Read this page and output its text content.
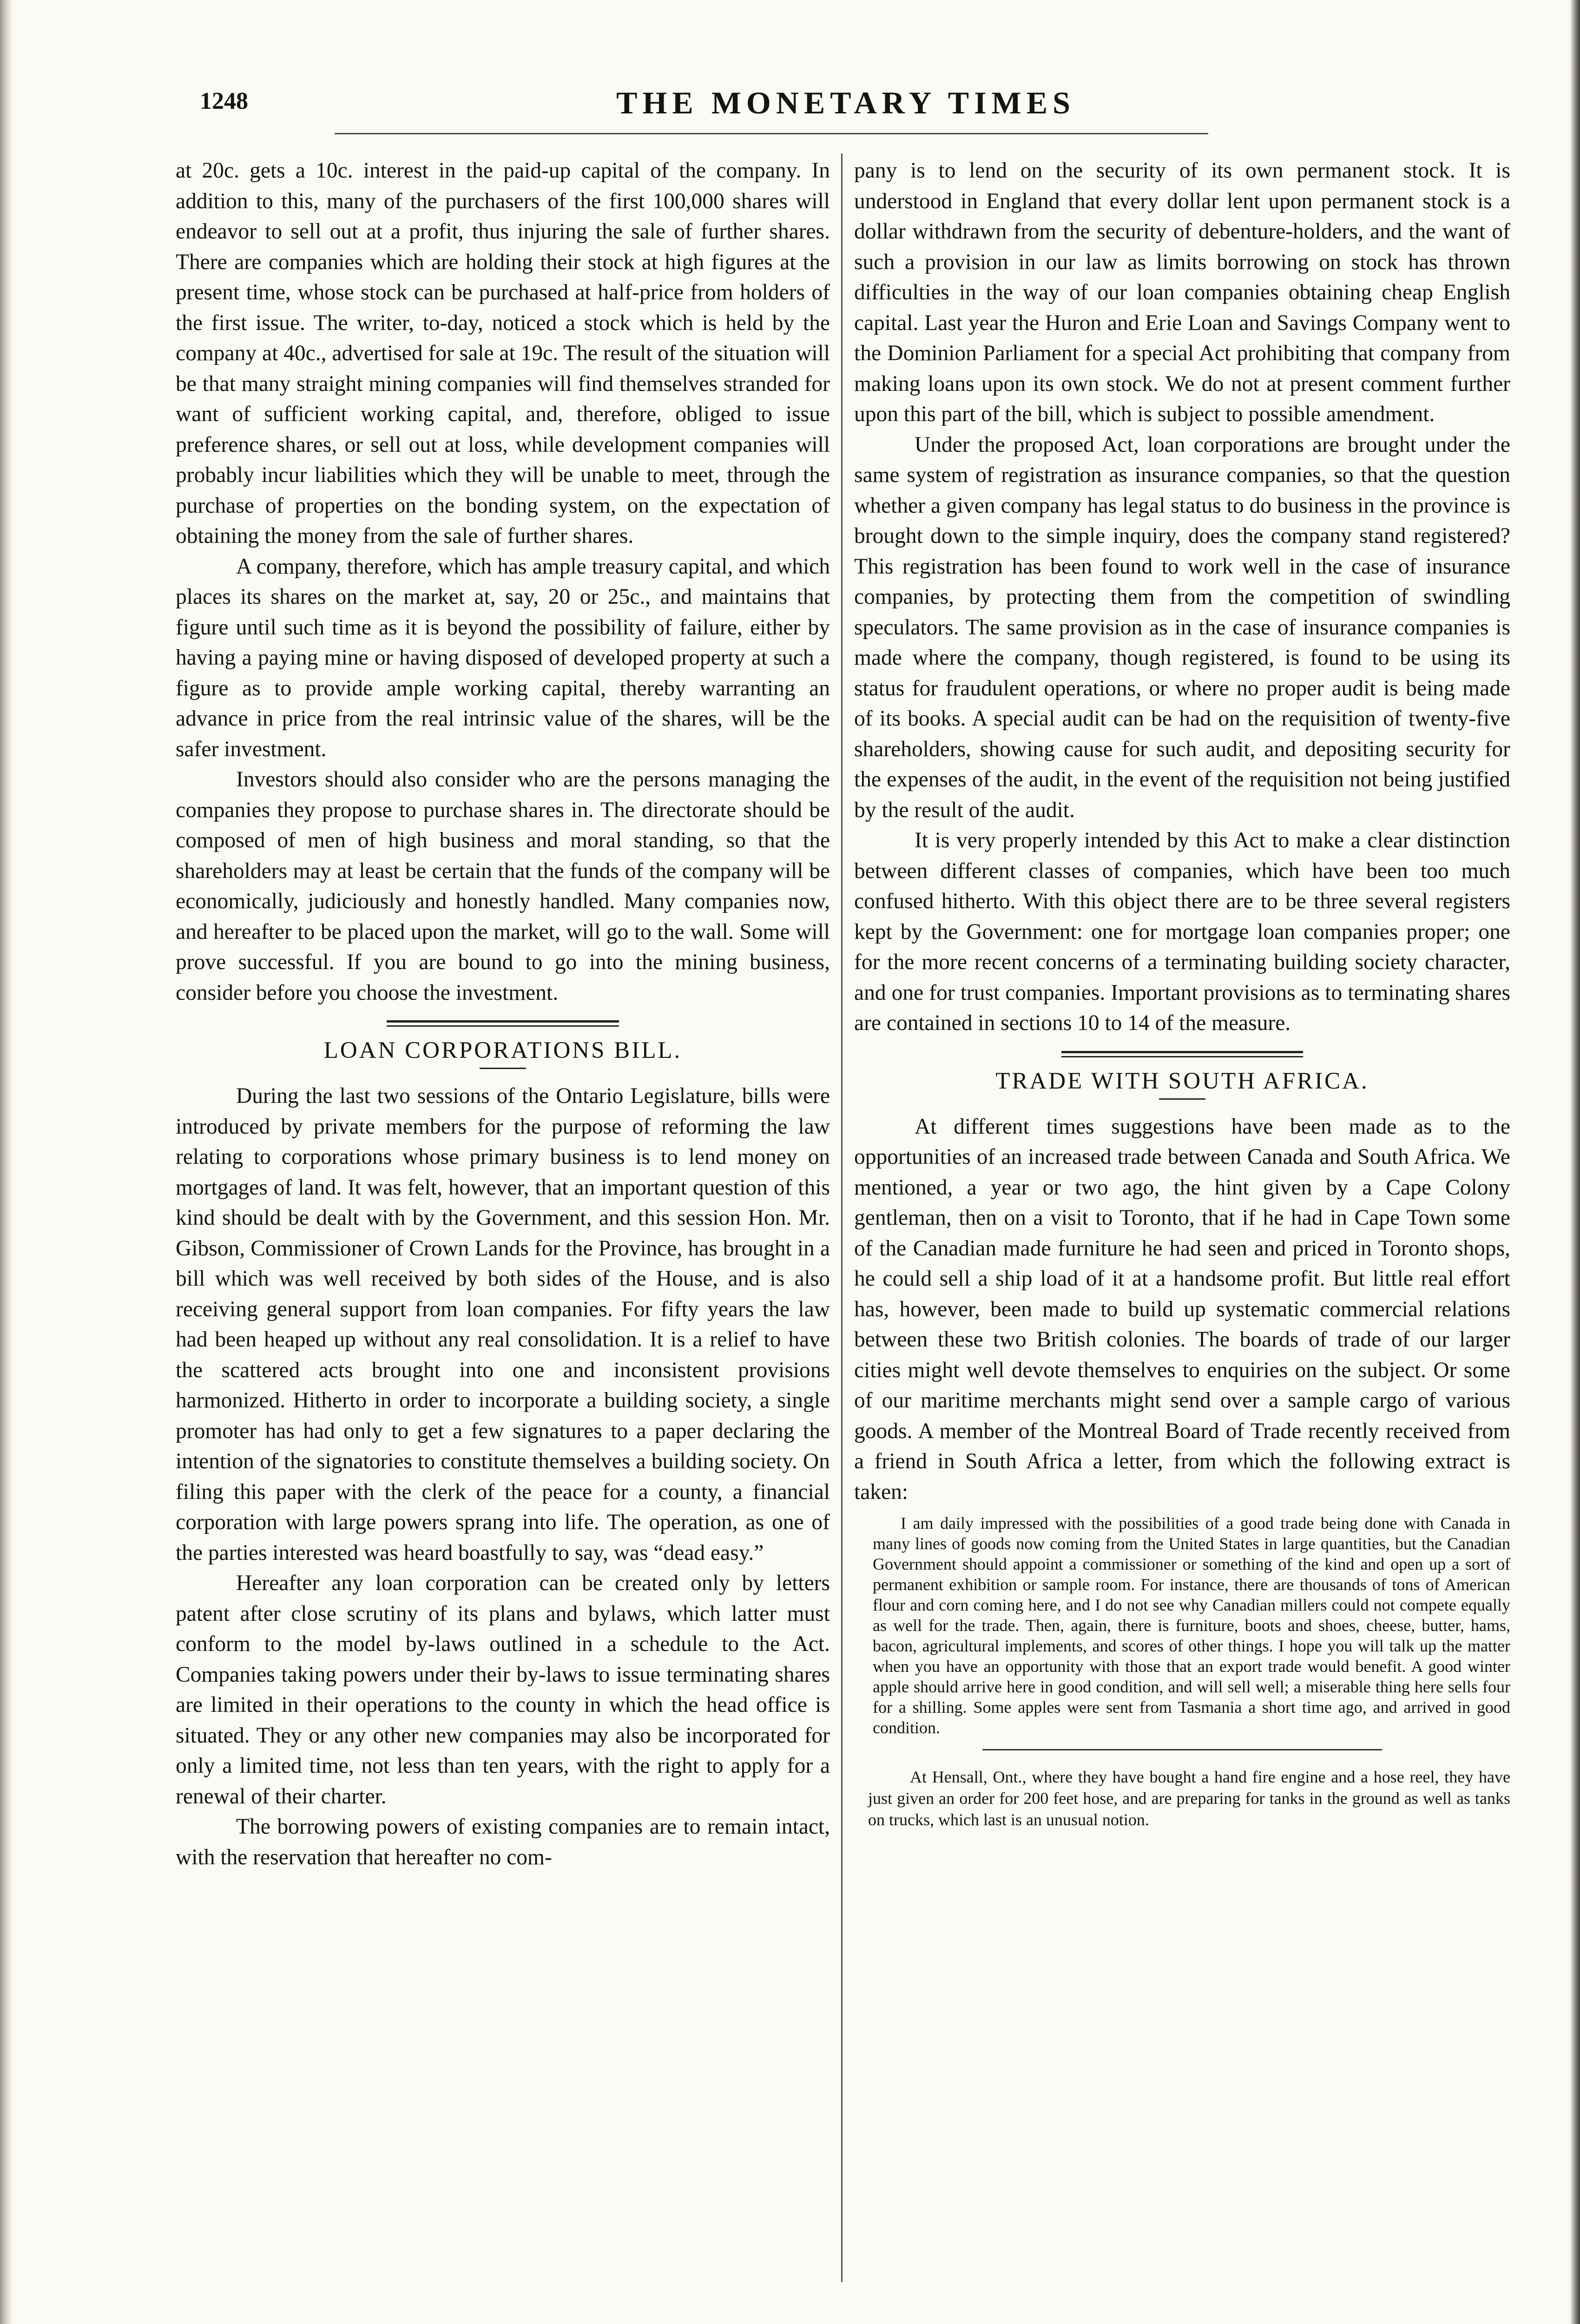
1248	THE MONETARY TIMES

at 20c. gets a 10c. interest in the paid-up capital of the company. In addition to this, many of the purchasers of the first 100,000 shares will endeavor to sell out at a profit, thus injuring the sale of further shares. There are companies which are holding their stock at high figures at the present time, whose stock can be purchased at half-price from holders of the first issue. The writer, to-day, noticed a stock which is held by the company at 40c., advertised for sale at 19c. The result of the situation will be that many straight mining companies will find themselves stranded for want of sufficient working capital, and, therefore, obliged to issue preference shares, or sell out at loss, while development companies will probably incur liabilities which they will be unable to meet, through the purchase of properties on the bonding system, on the expectation of obtaining the money from the sale of further shares.

A company, therefore, which has ample treasury capital, and which places its shares on the market at, say, 20 or 25c., and maintains that figure until such time as it is beyond the possibility of failure, either by having a paying mine or having disposed of developed property at such a figure as to provide ample working capital, thereby warranting an advance in price from the real intrinsic value of the shares, will be the safer investment.

Investors should also consider who are the persons managing the companies they propose to purchase shares in. The directorate should be composed of men of high business and moral standing, so that the shareholders may at least be certain that the funds of the company will be economically, judiciously and honestly handled. Many companies now, and hereafter to be placed upon the market, will go to the wall. Some will prove successful. If you are bound to go into the mining business, consider before you choose the investment.

LOAN CORPORATIONS BILL.

During the last two sessions of the Ontario Legislature, bills were introduced by private members for the purpose of reforming the law relating to corporations whose primary business is to lend money on mortgages of land. It was felt, however, that an important question of this kind should be dealt with by the Government, and this session Hon. Mr. Gibson, Commissioner of Crown Lands for the Province, has brought in a bill which was well received by both sides of the House, and is also receiving general support from loan companies. For fifty years the law had been heaped up without any real consolidation. It is a relief to have the scattered acts brought into one and inconsistent provisions harmonized. Hitherto in order to incorporate a building society, a single promoter has had only to get a few signatures to a paper declaring the intention of the signatories to constitute themselves a building society. On filing this paper with the clerk of the peace for a county, a financial corporation with large powers sprang into life. The operation, as one of the parties interested was heard boastfully to say, was “dead easy.”

Hereafter any loan corporation can be created only by letters patent after close scrutiny of its plans and bylaws, which latter must conform to the model by-laws outlined in a schedule to the Act. Companies taking powers under their by-laws to issue terminating shares are limited in their operations to the county in which the head office is situated. They or any other new companies may also be incorporated for only a limited time, not less than ten years, with the right to apply for a renewal of their charter.

The borrowing powers of existing companies are to remain intact, with the reservation that hereafter no com-

pany is to lend on the security of its own permanent stock. It is understood in England that every dollar lent upon permanent stock is a dollar withdrawn from the security of debenture-holders, and the want of such a provision in our law as limits borrowing on stock has thrown difficulties in the way of our loan companies obtaining cheap English capital. Last year the Huron and Erie Loan and Savings Company went to the Dominion Parliament for a special Act prohibiting that company from making loans upon its own stock. We do not at present comment further upon this part of the bill, which is subject to possible amendment.

Under the proposed Act, loan corporations are brought under the same system of registration as insurance companies, so that the question whether a given company has legal status to do business in the province is brought down to the simple inquiry, does the company stand registered? This registration has been found to work well in the case of insurance companies, by protecting them from the competition of swindling speculators. The same provision as in the case of insurance companies is made where the company, though registered, is found to be using its status for fraudulent operations, or where no proper audit is being made of its books. A special audit can be had on the requisition of twenty-five shareholders, showing cause for such audit, and depositing security for the expenses of the audit, in the event of the requisition not being justified by the result of the audit.

It is very properly intended by this Act to make a clear distinction between different classes of companies, which have been too much confused hitherto. With this object there are to be three several registers kept by the Government: one for mortgage loan companies proper; one for the more recent concerns of a terminating building society character, and one for trust companies. Important provisions as to terminating shares are contained in sections 10 to 14 of the measure.

TRADE WITH SOUTH AFRICA.

At different times suggestions have been made as to the opportunities of an increased trade between Canada and South Africa. We mentioned, a year or two ago, the hint given by a Cape Colony gentleman, then on a visit to Toronto, that if he had in Cape Town some of the Canadian made furniture he had seen and priced in Toronto shops, he could sell a ship load of it at a handsome profit. But little real effort has, however, been made to build up systematic commercial relations between these two British colonies. The boards of trade of our larger cities might well devote themselves to enquiries on the subject. Or some of our maritime merchants might send over a sample cargo of various goods. A member of the Montreal Board of Trade recently received from a friend in South Africa a letter, from which the following extract is taken:

I am daily impressed with the possibilities of a good trade being done with Canada in many lines of goods now coming from the United States in large quantities, but the Canadian Government should appoint a commissioner or something of the kind and open up a sort of permanent exhibition or sample room. For instance, there are thousands of tons of American flour and corn coming here, and I do not see why Canadian millers could not compete equally as well for the trade. Then, again, there is furniture, boots and shoes, cheese, butter, hams, bacon, agricultural implements, and scores of other things. I hope you will talk up the matter when you have an opportunity with those that an export trade would benefit. A good winter apple should arrive here in good condition, and will sell well; a miserable thing here sells four for a shilling. Some apples were sent from Tasmania a short time ago, and arrived in good condition.

At Hensall, Ont., where they have bought a hand fire engine and a hose reel, they have just given an order for 200 feet hose, and are preparing for tanks in the ground as well as tanks on trucks, which last is an unusual notion.
